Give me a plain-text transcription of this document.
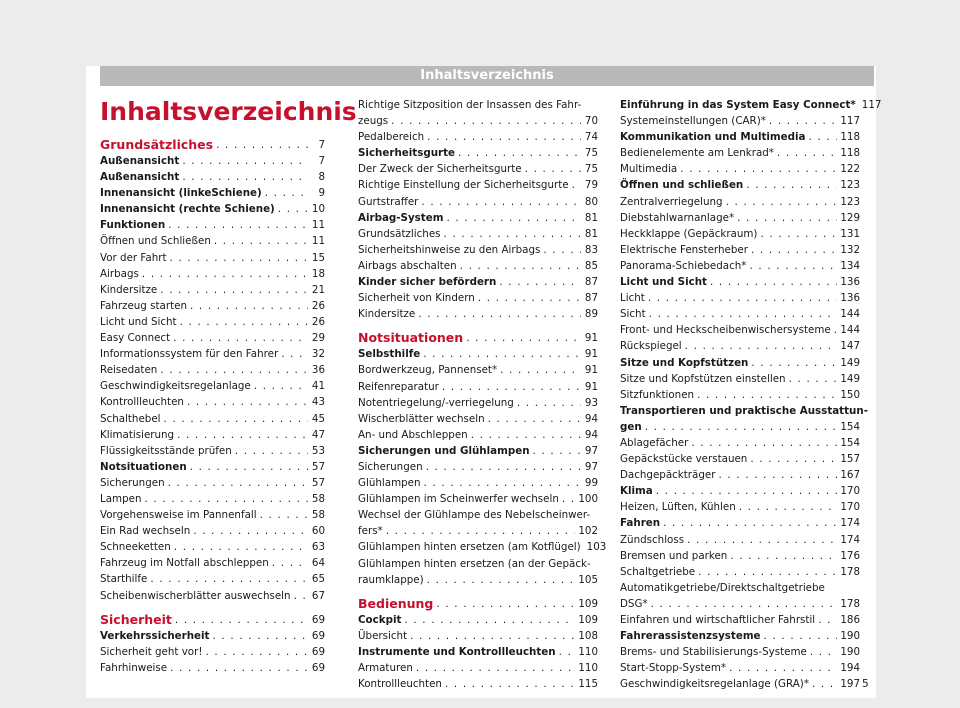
Inhaltsverzeichnis
Inhaltsverzeichnis
Grundsätzliches . . .	7
Außenansicht . . .	7
Außenansicht . . .	8
Innenansicht (linkeSchiene) . . .	9
Innenansicht (rechte Schiene) . . .	10
Funktionen . . .	11
Öffnen und Schließen . . .	11
Vor der Fahrt . . .	15
Airbags . . .	18
Kindersitze . . .	21
Fahrzeug starten . . .	26
Licht und Sicht . . .	26
Easy Connect . . .	29
Informationssystem für den Fahrer . . .	32
Reisedaten . . .	36
Geschwindigkeitsregelanlage . . .	41
Kontrollleuchten . . .	43
Schalthebel . . .	45
Klimatisierung . . .	47
Flüssigkeitsstände prüfen . . .	53
Notsituationen . . .	57
Sicherungen . . .	57
Lampen . . .	58
Vorgehensweise im Pannenfall . . .	58
Ein Rad wechseln . . .	60
Schneeketten . . .	63
Fahrzeug im Notfall abschleppen . . .	64
Starthilfe . . .	65
Scheibenwischerblätter auswechseln . . . 67
Sicherheit . . .	69
Verkehrssicherheit . . .	69
Sicherheit geht vor! . . .	69
Fahrhinweise . . .	69
Richtige Sitzposition der Insassen des Fahr-
zeugs . . .	70
Pedalbereich . . .	74
Sicherheitsgurte . . .	75
Der Zweck der Sicherheitsgurte . . .	75
Richtige Einstellung der Sicherheitsgurte . . . 79
Gurtstraffer . . .	80
Airbag-System . . .	81
Grundsätzliches . . .	81
Sicherheitshinweise zu den Airbags . . .	83
Airbags abschalten . . .	85
Kinder sicher befördern . . .	87
Sicherheit von Kindern . . .	87
Kindersitze . . .	89
Notsituationen . . .	91
Selbsthilfe . . .	91
Bordwerkzeug, Pannenset* . . .	91
Reifenreparatur . . .	91
Notentriegelung/-verriegelung . . .	93
Wischerblätter wechseln . . .	94
An- und Abschleppen . . .	94
Sicherungen und Glühlampen . . .	97
Sicherungen . . .	97
Glühlampen . . .	99
Glühlampen im Scheinwerfer wechseln . . . 100
Wechsel der Glühlampe des Nebelscheinwer-
fers* . . .	102
Glühlampen hinten ersetzen (am Kotflügel) 103
Glühlampen hinten ersetzen (an der Gepäck-
raumklappe) . . .	105
Bedienung . . .	109
Cockpit . . .	109
Übersicht . . .	108
Instrumente und Kontrollleuchten . . . 110
Armaturen . . .	110
Kontrollleuchten . . .	115
Einführung in das System Easy Connect* 117
Systemeinstellungen (CAR)* . . .	117
Kommunikation und Multimedia . . .	118
Bedienelemente am Lenkrad* . . .	118
Multimedia . . .	122
Öffnen und schließen . . .	123
Zentralverriegelung . . .	123
Diebstahlwarnanlage* . . .	129
Heckklappe (Gepäckraum) . . .	131
Elektrische Fensterheber . . .	132
Panorama-Schiebedach* . . .	134
Licht und Sicht . . .	136
Licht . . .	136
Sicht . . .	144
Front- und Heckscheibenwischersysteme . . . 144
Rückspiegel . . .	147
Sitze und Kopfstützen . . .	149
Sitze und Kopfstützen einstellen . . .	149
Sitzfunktionen . . .	150
Transportieren und praktische Ausstattun-
gen . . .	154
Ablagefächer . . .	154
Gepäckstücke verstauen . . .	157
Dachgepäckträger . . .	167
Klima . . .	170
Heizen, Lüften, Kühlen . . .	170
Fahren . . .	174
Zündschloss . . .	174
Bremsen und parken . . .	176
Schaltgetriebe . . .	178
Automatikgetriebe/Direktschaltgetriebe
DSG* . . .	178
Einfahren und wirtschaftlicher Fahrstil . . . 186
Fahrerassistenzsysteme . . .	190
Brems- und Stabilisierungs-Systeme . . .	190
Start-Stopp-System* . . .	194
Geschwindigkeitsregelanlage (GRA)* . . .	197 5
